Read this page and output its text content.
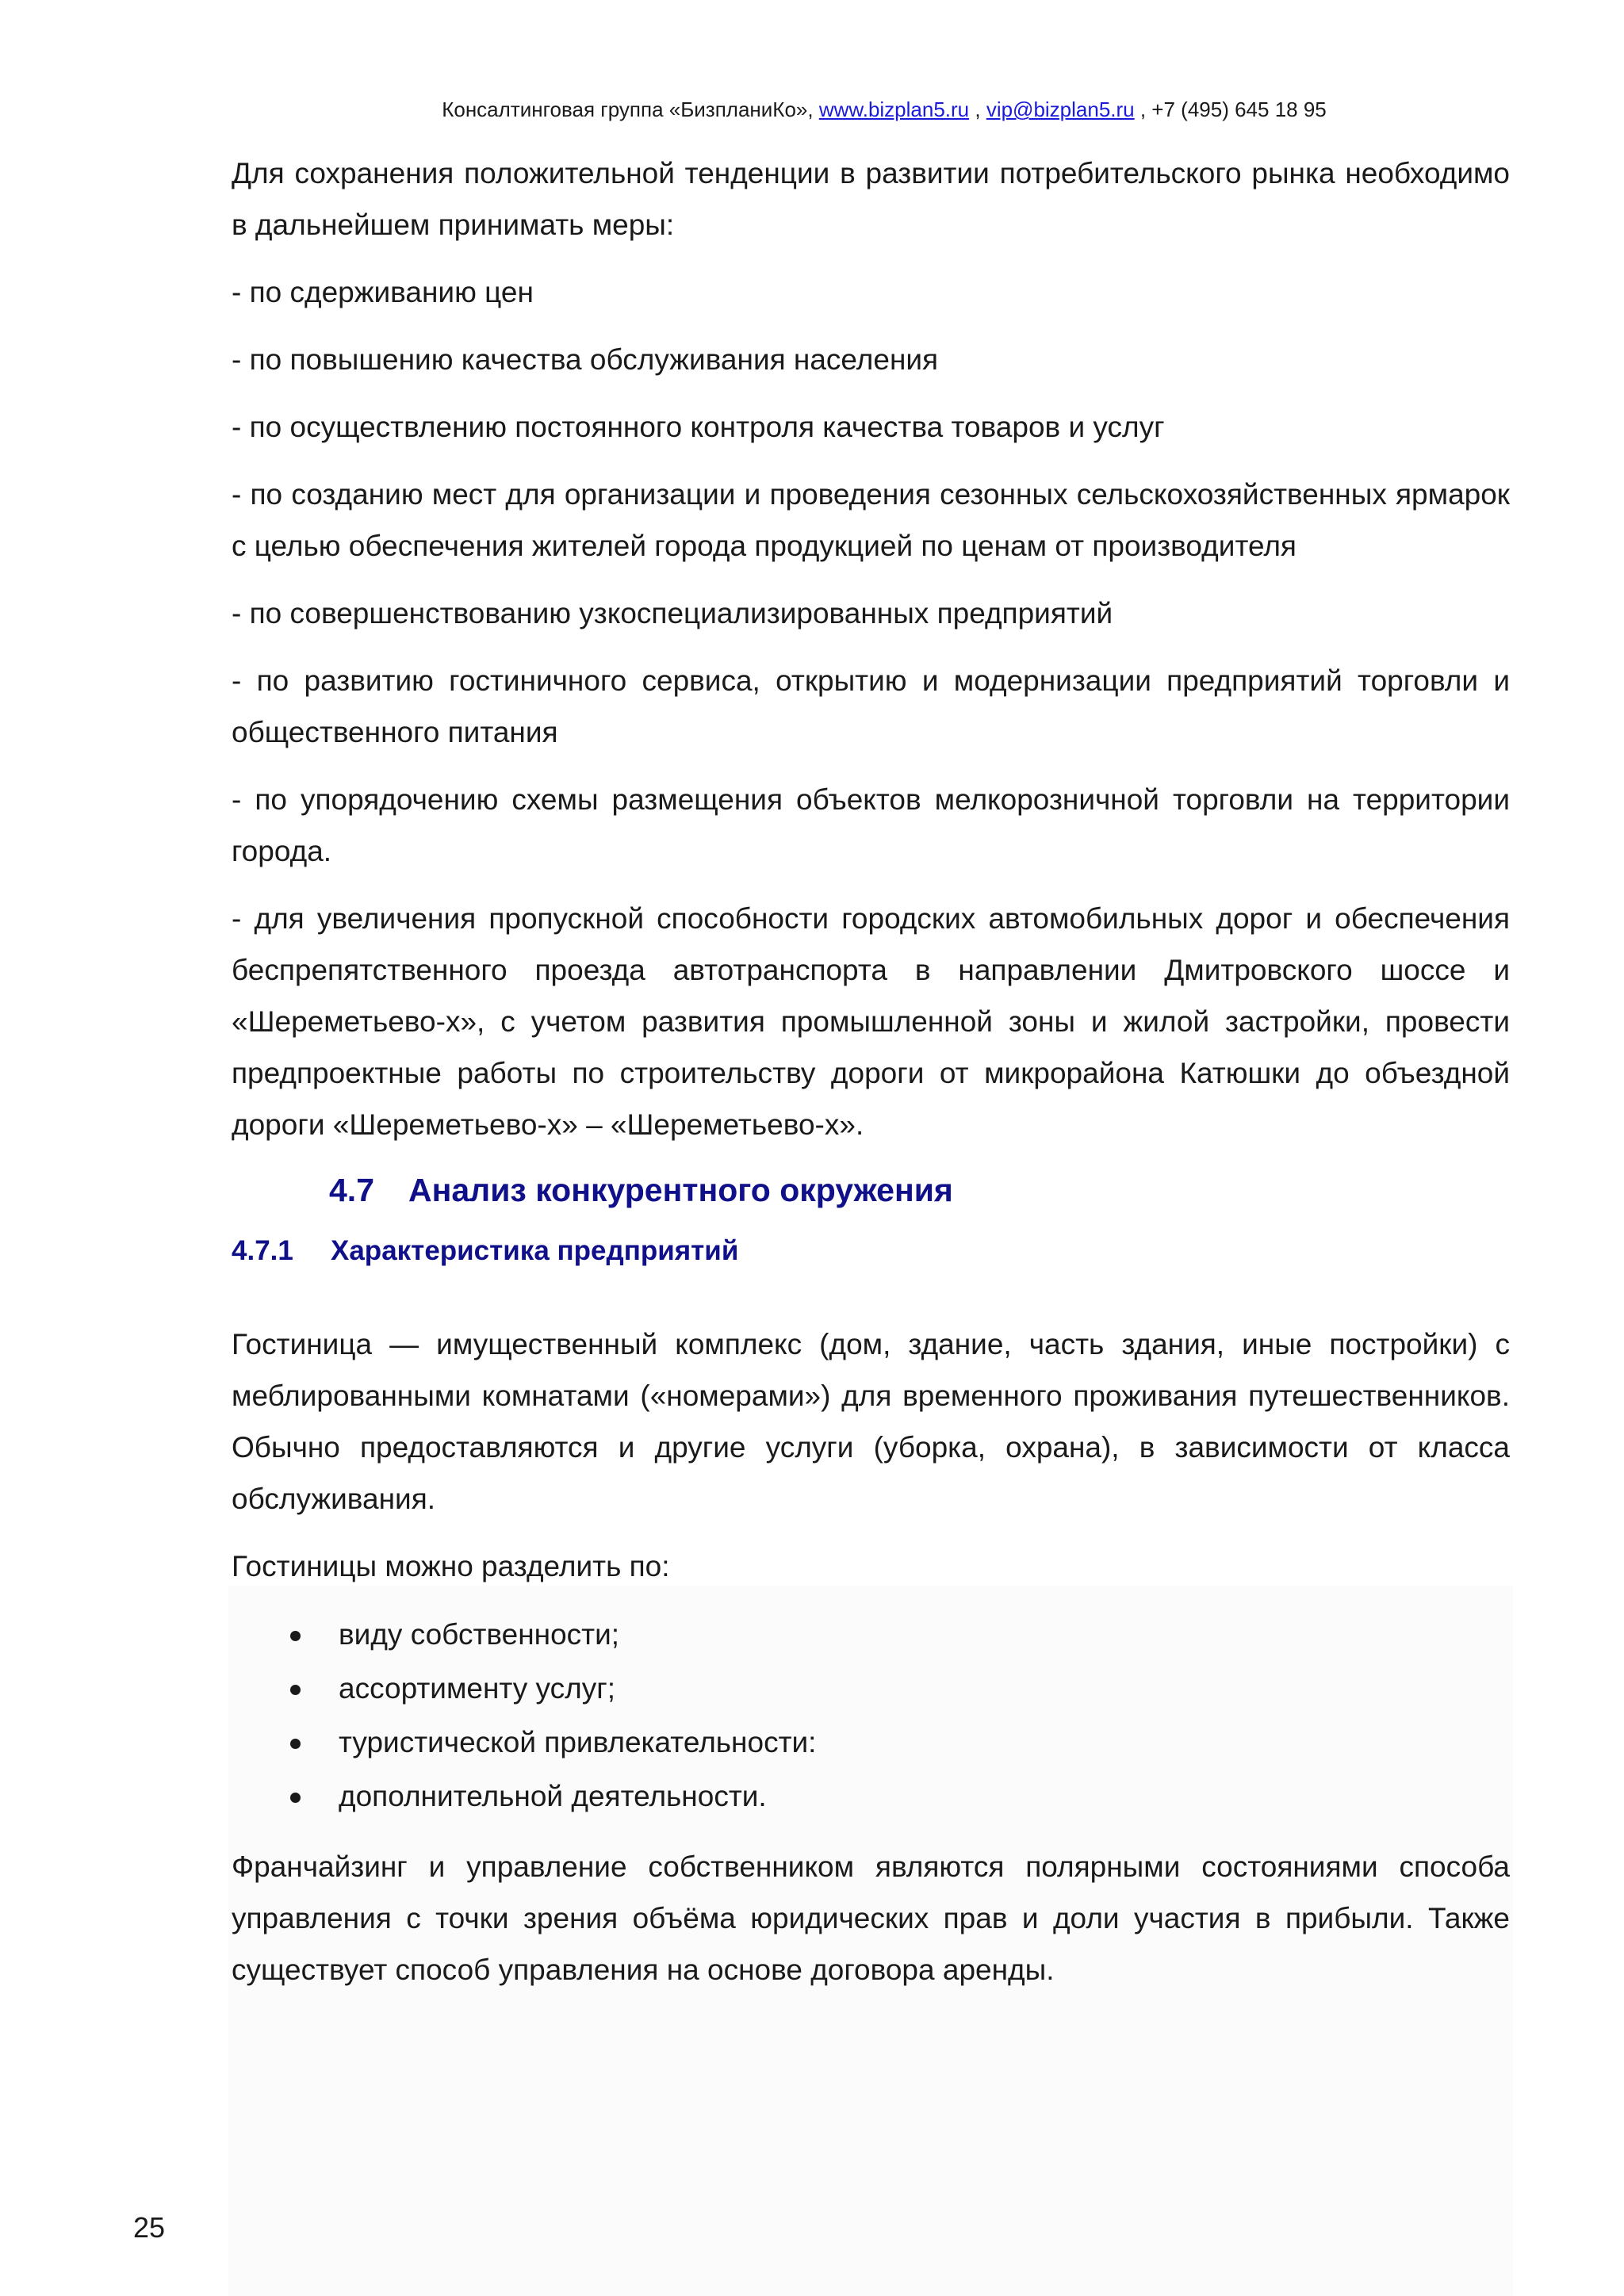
Консалтинговая группа «БизпланиКо», www.bizplan5.ru , vip@bizplan5.ru , +7 (495) 645 18 95

Для сохранения положительной тенденции в развитии потребительского рынка необходимо в дальнейшем принимать меры:

- по сдерживанию цен

- по повышению качества обслуживания населения

- по осуществлению постоянного контроля качества товаров и услуг

- по созданию мест для организации и проведения сезонных сельскохозяйственных ярмарок с целью обеспечения жителей города продукцией по ценам от производителя

- по совершенствованию узкоспециализированных предприятий

- по развитию гостиничного сервиса, открытию и модернизации предприятий торговли и общественного питания

- по упорядочению схемы размещения объектов мелкорозничной торговли на территории города.

- для увеличения пропускной способности городских автомобильных дорог и обеспечения беспрепятственного проезда автотранспорта в направлении Дмитровского шоссе и «Шереметьево-х», с учетом развития промышленной зоны и жилой застройки, провести предпроектные работы по строительству дороги от микрорайона Катюшки до объездной дороги «Шереметьево-х» – «Шереметьево-х».

4.7 Анализ конкурентного окружения
4.7.1 Характеристика предприятий

Гостиница — имущественный комплекс (дом, здание, часть здания, иные постройки) с меблированными комнатами («номерами») для временного проживания путешественников. Обычно предоставляются и другие услуги (уборка, охрана), в зависимости от класса обслуживания.

Гостиницы можно разделить по:

виду собственности;
ассортименту услуг;
туристической привлекательности:
дополнительной деятельности.

Франчайзинг и управление собственником являются полярными состояниями способа управления с точки зрения объёма юридических прав и доли участия в прибыли. Также существует способ управления на основе договора аренды.

25
